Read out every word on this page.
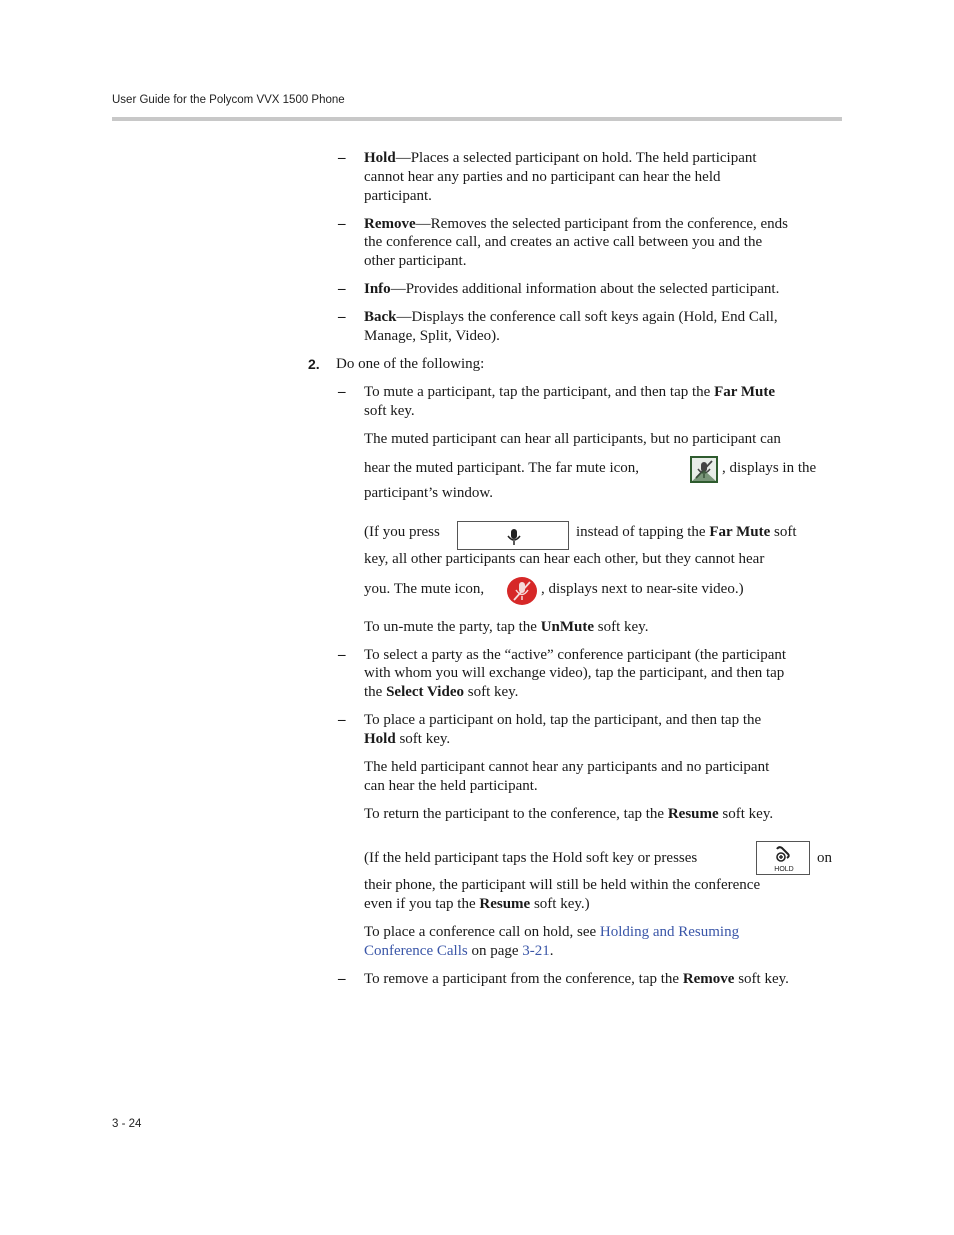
User Guide for the Polycom VVX 1500 Phone
– Hold—Places a selected participant on hold. The held participant

cannot hear any parties and no participant can hear the held

participant.

– Remove—Removes the selected participant from the conference, ends

the conference call, and creates an active call between you and the

other participant.

– Info—Provides additional information about the selected participant.

– Back—Displays the conference call soft keys again (Hold, End Call,

Manage, Split, Video).

2. Do one of the following:

– To mute a participant, tap the participant, and then tap the Far Mute

soft key.

The muted participant can hear all participants, but no participant can

hear the muted participant. The far mute icon,	, displays in the

participant’s window.

(If you press	instead of tapping the Far Mute soft

key, all other participants can hear each other, but they cannot hear

you. The mute icon,	, displays next to near-site video.)

To un-mute the party, tap the UnMute soft key.

– To select a party as the “active” conference participant (the participant

with whom you will exchange video), tap the participant, and then tap

the Select Video soft key.

– To place a participant on hold, tap the participant, and then tap the

Hold soft key.

The held participant cannot hear any participants and no participant

can hear the held participant.

To return the participant to the conference, tap the Resume soft key.

(If the held participant taps the Hold soft key or presses

HOLD

on

their phone, the participant will still be held within the conference

even if you tap the Resume soft key.)

To place a conference call on hold, see Holding and Resuming

Conference Calls on page 3-21.

– To remove a participant from the conference, tap the Remove soft key.

3 - 24
